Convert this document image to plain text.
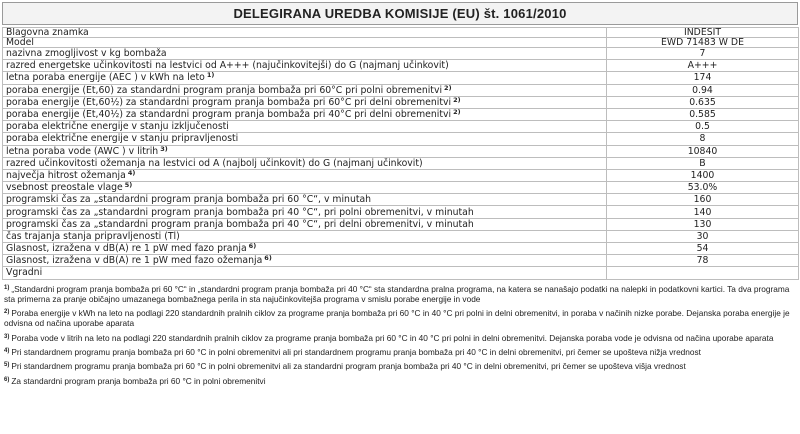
DELEGIRANA UREDBA KOMISIJE (EU) št. 1061/2010
Blagovna znamka	INDESIT
Model	EWD 71483 W DE
nazivna zmogljivost v kg bombaža	7
razred energetske učinkovitosti na lestvici od A+++ (najučinkovitejši) do G (najmanj učinkovit)	A+++
letna poraba energije (AEC ) v kWh na leto $^{1)}$	174
poraba energije (Et,60) za standardni program pranja bombaža pri 60°C pri polni obremenitvi $^{2)}$	0.94
poraba energije (Et,60½) za standardni program pranja bombaža pri 60°C pri delni obremenitvi $^{2)}$	0.635
poraba energije (Et,40½) za standardni program pranja bombaža pri 40°C pri delni obremenitvi $^{2)}$	0.585
poraba električne energije v stanju izključenosti	0.5
poraba električne energije v stanju pripravljenosti	8
letna poraba vode (AWC ) v litrih $^{3)}$	10840
razred učinkovitosti ožemanja na lestvici od A (najbolj učinkovit) do G (najmanj učinkovit)	B
največja hitrost ožemanja $^{4)}$	1400
vsebnost preostale vlage $^{5)}$	53.0%
programski čas za „standardni program pranja bombaža pri 60 °C“, v minutah	160
programski čas za „standardni program pranja bombaža pri 40 °C“, pri polni obremenitvi, v minutah	140
programski čas za „standardni program pranja bombaža pri 40 °C“, pri delni obremenitvi, v minutah	130
čas trajanja stanja pripravljenosti (Tl)	30
Glasnost, izražena v dB(A) re 1 pW med fazo pranja $^{6)}$	54
Glasnost, izražena v dB(A) re 1 pW med fazo ožemanja $^{6)}$	78
Vgradni	
$^{1)}$ „Standardni program pranja bombaža pri 60 °C“ in „standardni program pranja bombaža pri 40 °C“ sta standardna pralna programa, na katera se nanašajo podatki na nalepki in podatkovni kartici. Ta dva programa sta primerna za pranje običajno umazanega bombažnega perila in sta najučinkovitejša programa v smislu porabe energije in vode
$^{2)}$ Poraba energije v kWh na leto na podlagi 220 standardnih pralnih ciklov za programe pranja bombaža pri 60 °C in 40 °C pri polni in delni obremenitvi, in poraba v načinih nizke porabe. Dejanska poraba energije je odvisna od načina uporabe aparata
$^{3)}$ Poraba vode v litrih na leto na podlagi 220 standardnih pralnih ciklov za programe pranja bombaža pri 60 °C in 40 °C pri polni in delni obremenitvi. Dejanska poraba vode je odvisna od načina uporabe aparata
$^{4)}$ Pri standardnem programu pranja bombaža pri 60 °C in polni obremenitvi ali pri standardnem programu pranja bombaža pri 40 °C in delni obremenitvi, pri čemer se upošteva nižja vrednost
$^{5)}$ Pri standardnem programu pranja bombaža pri 60 °C in polni obremenitvi ali za standardni program pranja bombaža pri 40 °C in delni obremenitvi, pri čemer se upošteva višja vrednost
$^{6)}$ Za standardni program pranja bombaža pri 60 °C in polni obremenitvi
